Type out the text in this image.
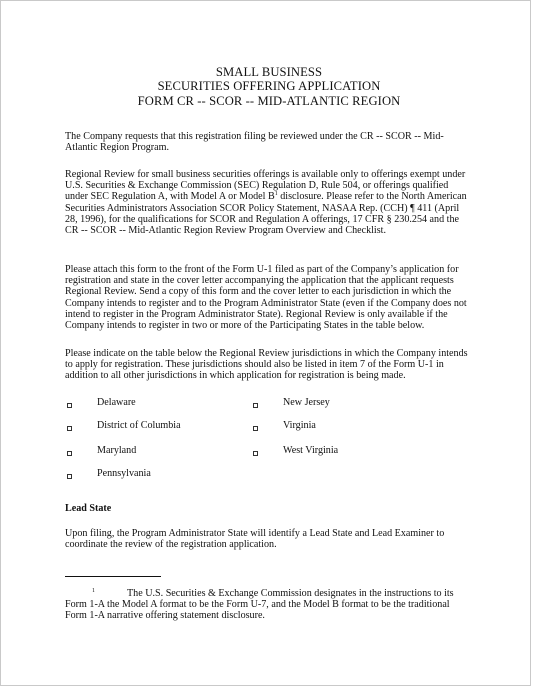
SMALL BUSINESS
SECURITIES OFFERING APPLICATION
FORM CR -- SCOR -- MID-ATLANTIC REGION

The Company requests that this registration filing be reviewed under the CR -- SCOR -- Mid-Atlantic Region Program.

Regional Review for small business securities offerings is available only to offerings exempt under U.S. Securities & Exchange Commission (SEC) Regulation D, Rule 504, or offerings qualified under SEC Regulation A, with Model A or Model $B^1$ disclosure. Please refer to the North American Securities Administrators Association SCOR Policy Statement, NASAA Rep. (CCH) ¶ 411 (April 28, 1996), for the qualifications for SCOR and Regulation A offerings, 17 CFR § 230.254 and the CR -- SCOR -- Mid-Atlantic Region Review Program Overview and Checklist.

Please attach this form to the front of the Form U-1 filed as part of the Company’s application for registration and state in the cover letter accompanying the application that the applicant requests Regional Review. Send a copy of this form and the cover letter to each jurisdiction in which the Company intends to register and to the Program Administrator State (even if the Company does not intend to register in the Program Administrator State). Regional Review is only available if the Company intends to register in two or more of the Participating States in the table below.

Please indicate on the table below the Regional Review jurisdictions in which the Company intends to apply for registration. These jurisdictions should also be listed in item 7 of the Form U-1 in addition to all other jurisdictions in which application for registration is being made.

Delaware	New Jersey
District of Columbia	Virginia
Maryland	West Virginia
Pennsylvania
Lead State

Upon filing, the Program Administrator State will identify a Lead State and Lead Examiner to coordinate the review of the registration application.

1	The U.S. Securities & Exchange Commission designates in the instructions to its Form 1-A the Model A format to be the Form U-7, and the Model B format to be the traditional Form 1-A narrative offering statement disclosure.
